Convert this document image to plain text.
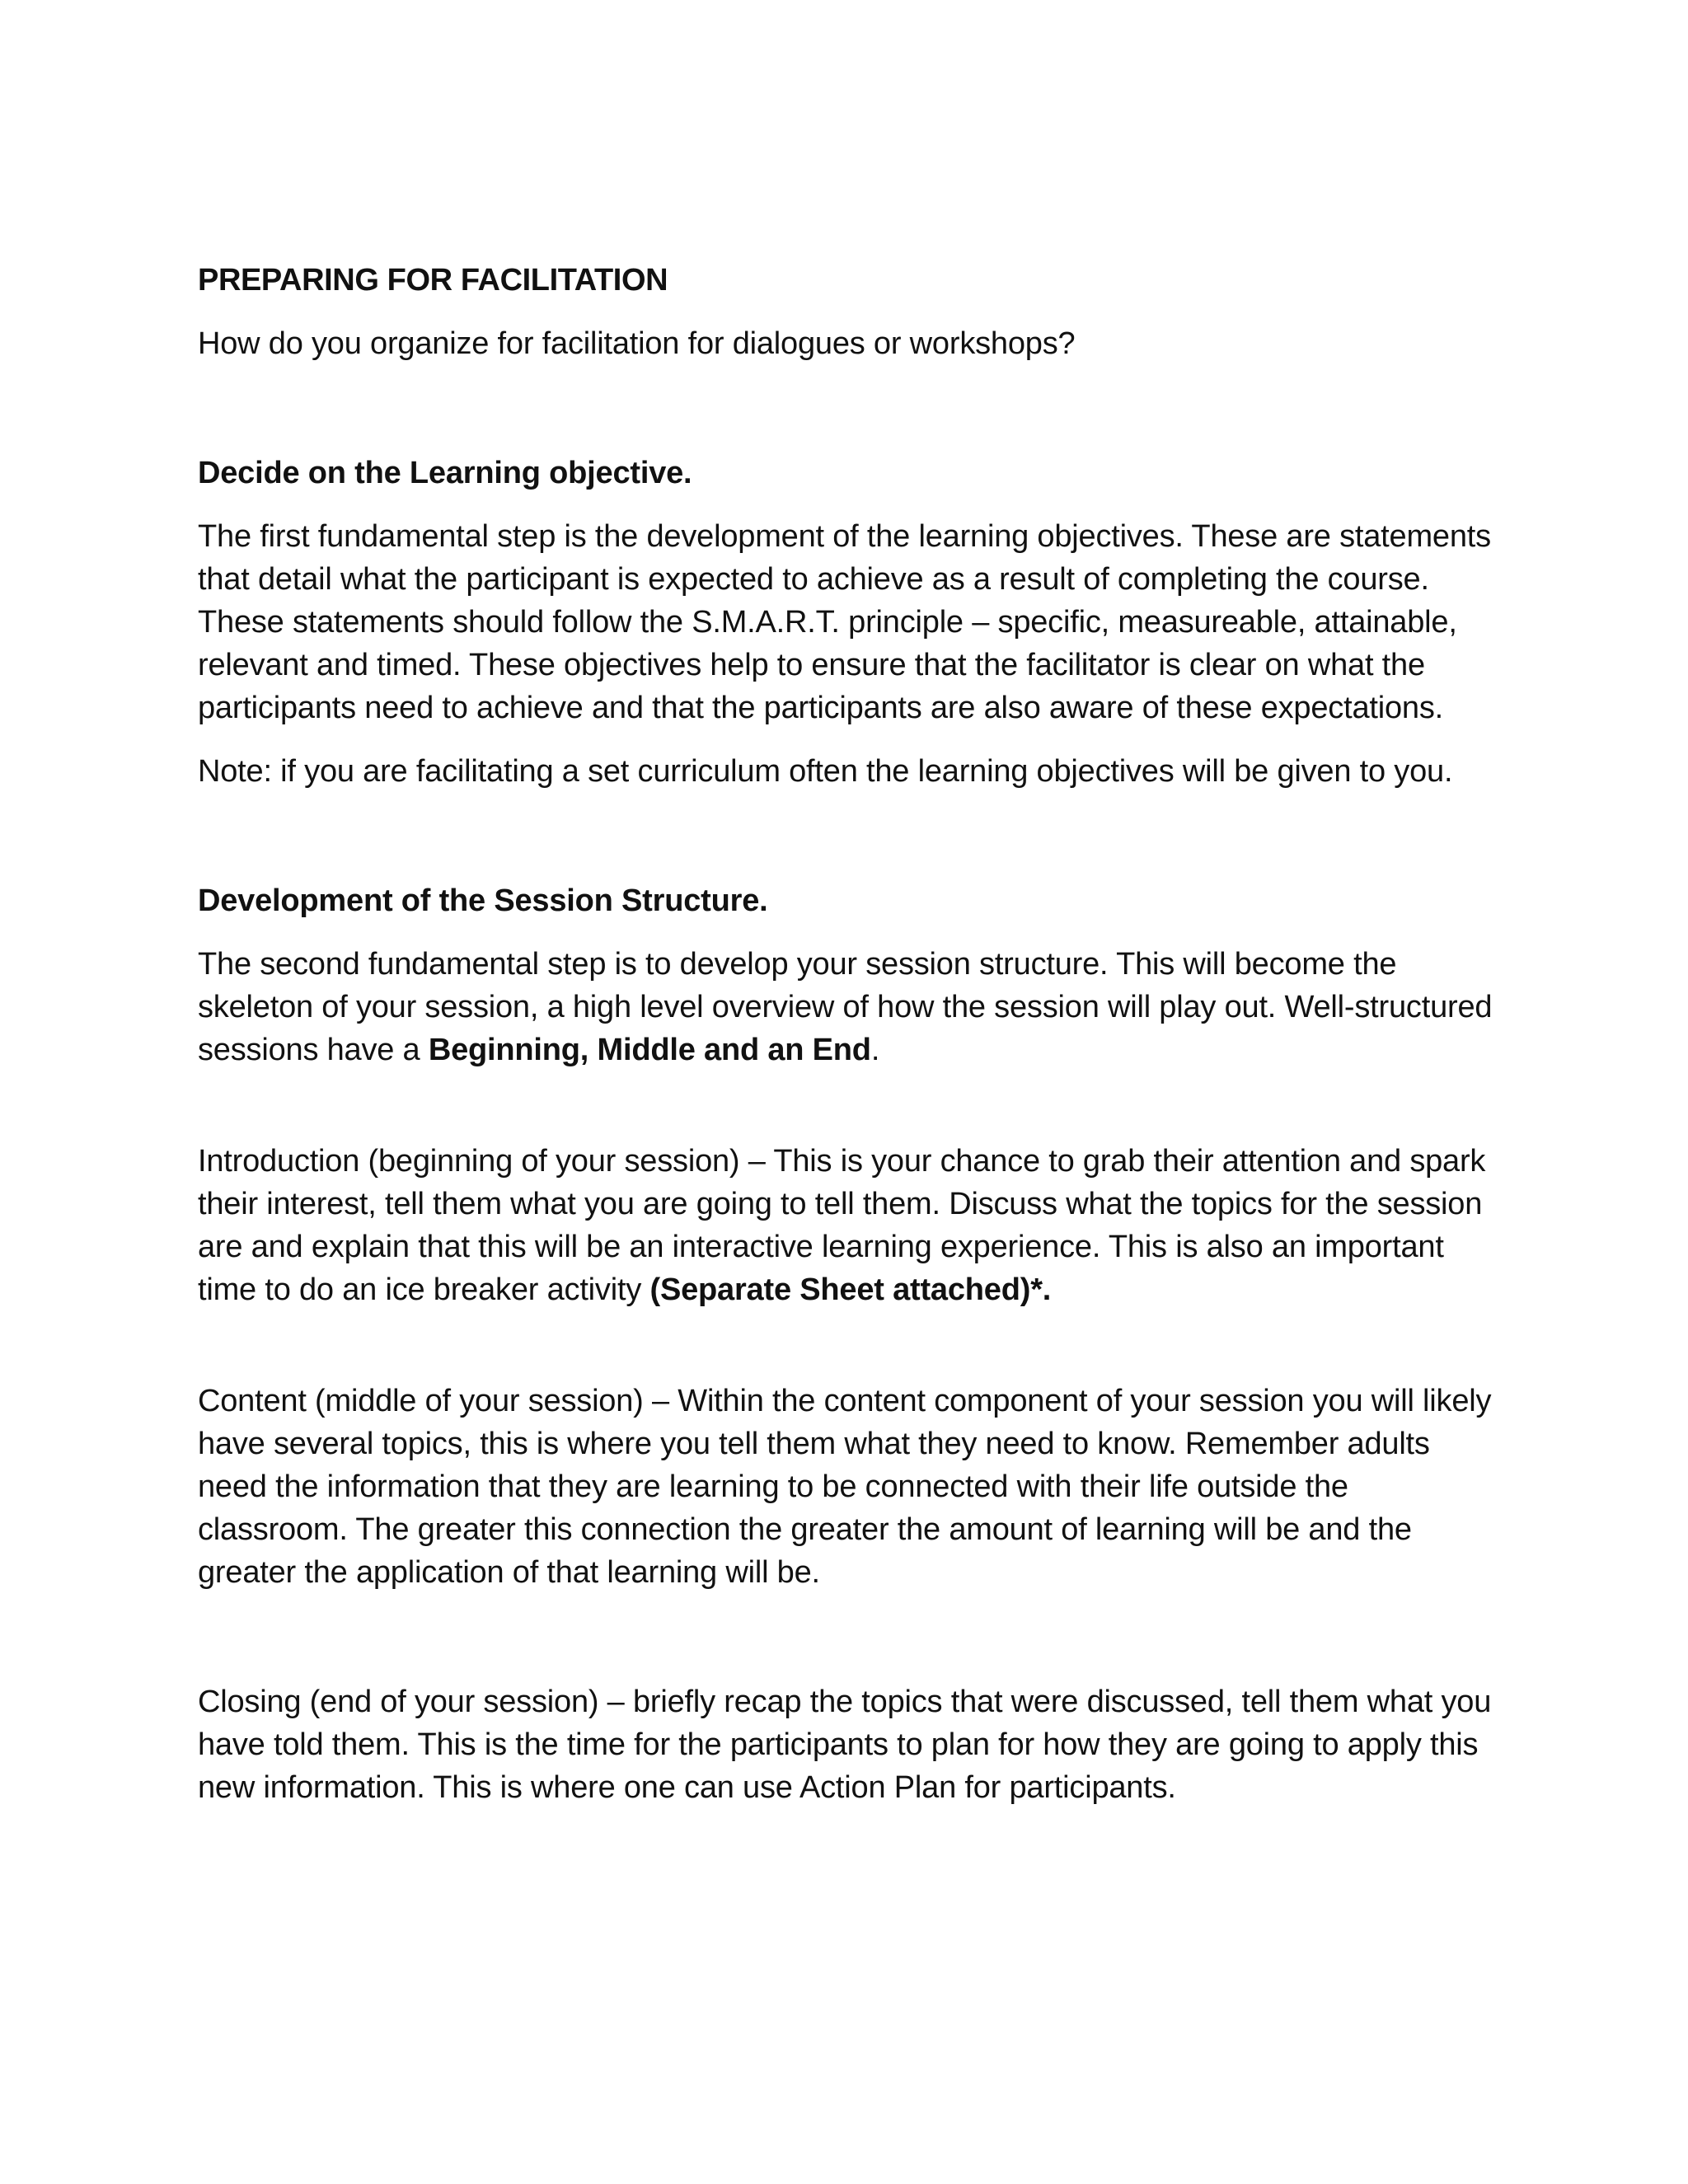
PREPARING FOR FACILITATION

How do you organize for facilitation for dialogues or workshops?

Decide on the Learning objective.

The first fundamental step is the development of the learning objectives. These are statements that detail what the participant is expected to achieve as a result of completing the course. These statements should follow the S.M.A.R.T. principle – specific, measureable, attainable, relevant and timed. These objectives help to ensure that the facilitator is clear on what the participants need to achieve and that the participants are also aware of these expectations.

Note: if you are facilitating a set curriculum often the learning objectives will be given to you.

Development of the Session Structure.

The second fundamental step is to develop your session structure. This will become the skeleton of your session, a high level overview of how the session will play out. Well-structured sessions have a Beginning, Middle and an End.

Introduction (beginning of your session) – This is your chance to grab their attention and spark their interest, tell them what you are going to tell them. Discuss what the topics for the session are and explain that this will be an interactive learning experience. This is also an important time to do an ice breaker activity (Separate Sheet attached)*.

Content (middle of your session) – Within the content component of your session you will likely have several topics, this is where you tell them what they need to know. Remember adults need the information that they are learning to be connected with their life outside the classroom. The greater this connection the greater the amount of learning will be and the greater the application of that learning will be.

Closing (end of your session) – briefly recap the topics that were discussed, tell them what you have told them. This is the time for the participants to plan for how they are going to apply this new information. This is where one can use Action Plan for participants.
